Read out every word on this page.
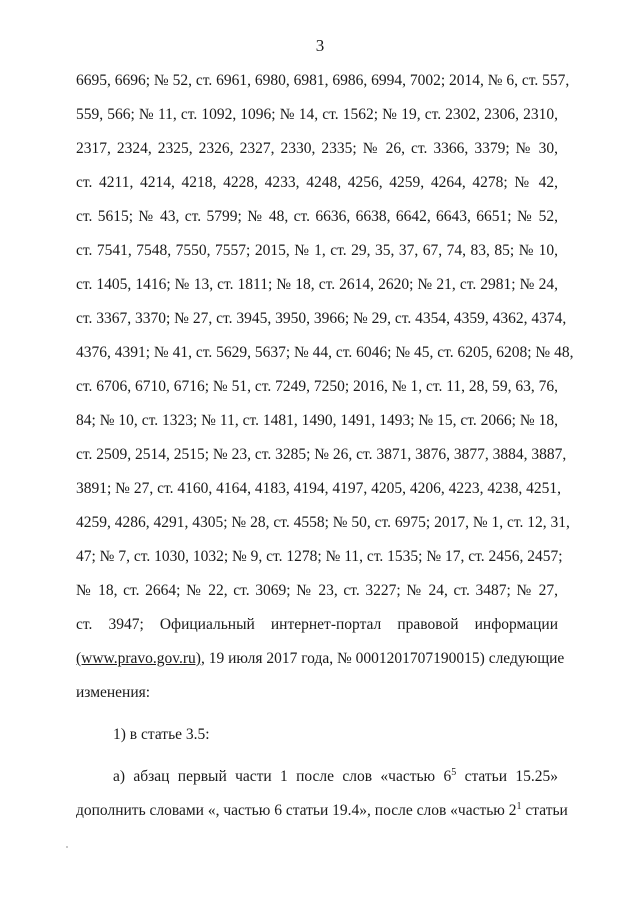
3
6695, 6696; № 52, ст. 6961, 6980, 6981, 6986, 6994, 7002; 2014, № 6, ст. 557,
559, 566; № 11, ст. 1092, 1096; № 14, ст. 1562; № 19, ст. 2302, 2306, 2310,
2317, 2324, 2325, 2326, 2327, 2330, 2335; № 26, ст. 3366, 3379; № 30,
ст. 4211, 4214, 4218, 4228, 4233, 4248, 4256, 4259, 4264, 4278; № 42,
ст. 5615; № 43, ст. 5799; № 48, ст. 6636, 6638, 6642, 6643, 6651; № 52,
ст. 7541, 7548, 7550, 7557; 2015, № 1, ст. 29, 35, 37, 67, 74, 83, 85; № 10,
ст. 1405, 1416; № 13, ст. 1811; № 18, ст. 2614, 2620; № 21, ст. 2981; № 24,
ст. 3367, 3370; № 27, ст. 3945, 3950, 3966; № 29, ст. 4354, 4359, 4362, 4374,
4376, 4391; № 41, ст. 5629, 5637; № 44, ст. 6046; № 45, ст. 6205, 6208; № 48,
ст. 6706, 6710, 6716; № 51, ст. 7249, 7250; 2016, № 1, ст. 11, 28, 59, 63, 76,
84; № 10, ст. 1323; № 11, ст. 1481, 1490, 1491, 1493; № 15, ст. 2066; № 18,
ст. 2509, 2514, 2515; № 23, ст. 3285; № 26, ст. 3871, 3876, 3877, 3884, 3887,
3891; № 27, ст. 4160, 4164, 4183, 4194, 4197, 4205, 4206, 4223, 4238, 4251,
4259, 4286, 4291, 4305; № 28, ст. 4558; № 50, ст. 6975; 2017, № 1, ст. 12, 31,
47; № 7, ст. 1030, 1032; № 9, ст. 1278; № 11, ст. 1535; № 17, ст. 2456, 2457;
№ 18, ст. 2664; № 22, ст. 3069; № 23, ст. 3227; № 24, ст. 3487; № 27,
ст. 3947; Официальный интернет-портал правовой информации
(www.pravo.gov.ru), 19 июля 2017 года, № 0001201707190015) следующие
изменения:
1) в статье 3.5:
а) абзац первый части 1 после слов «частью $6^5$ статьи 15.25»
дополнить словами «, частью 6 статьи 19.4», после слов «частью $2^1$ статьи
